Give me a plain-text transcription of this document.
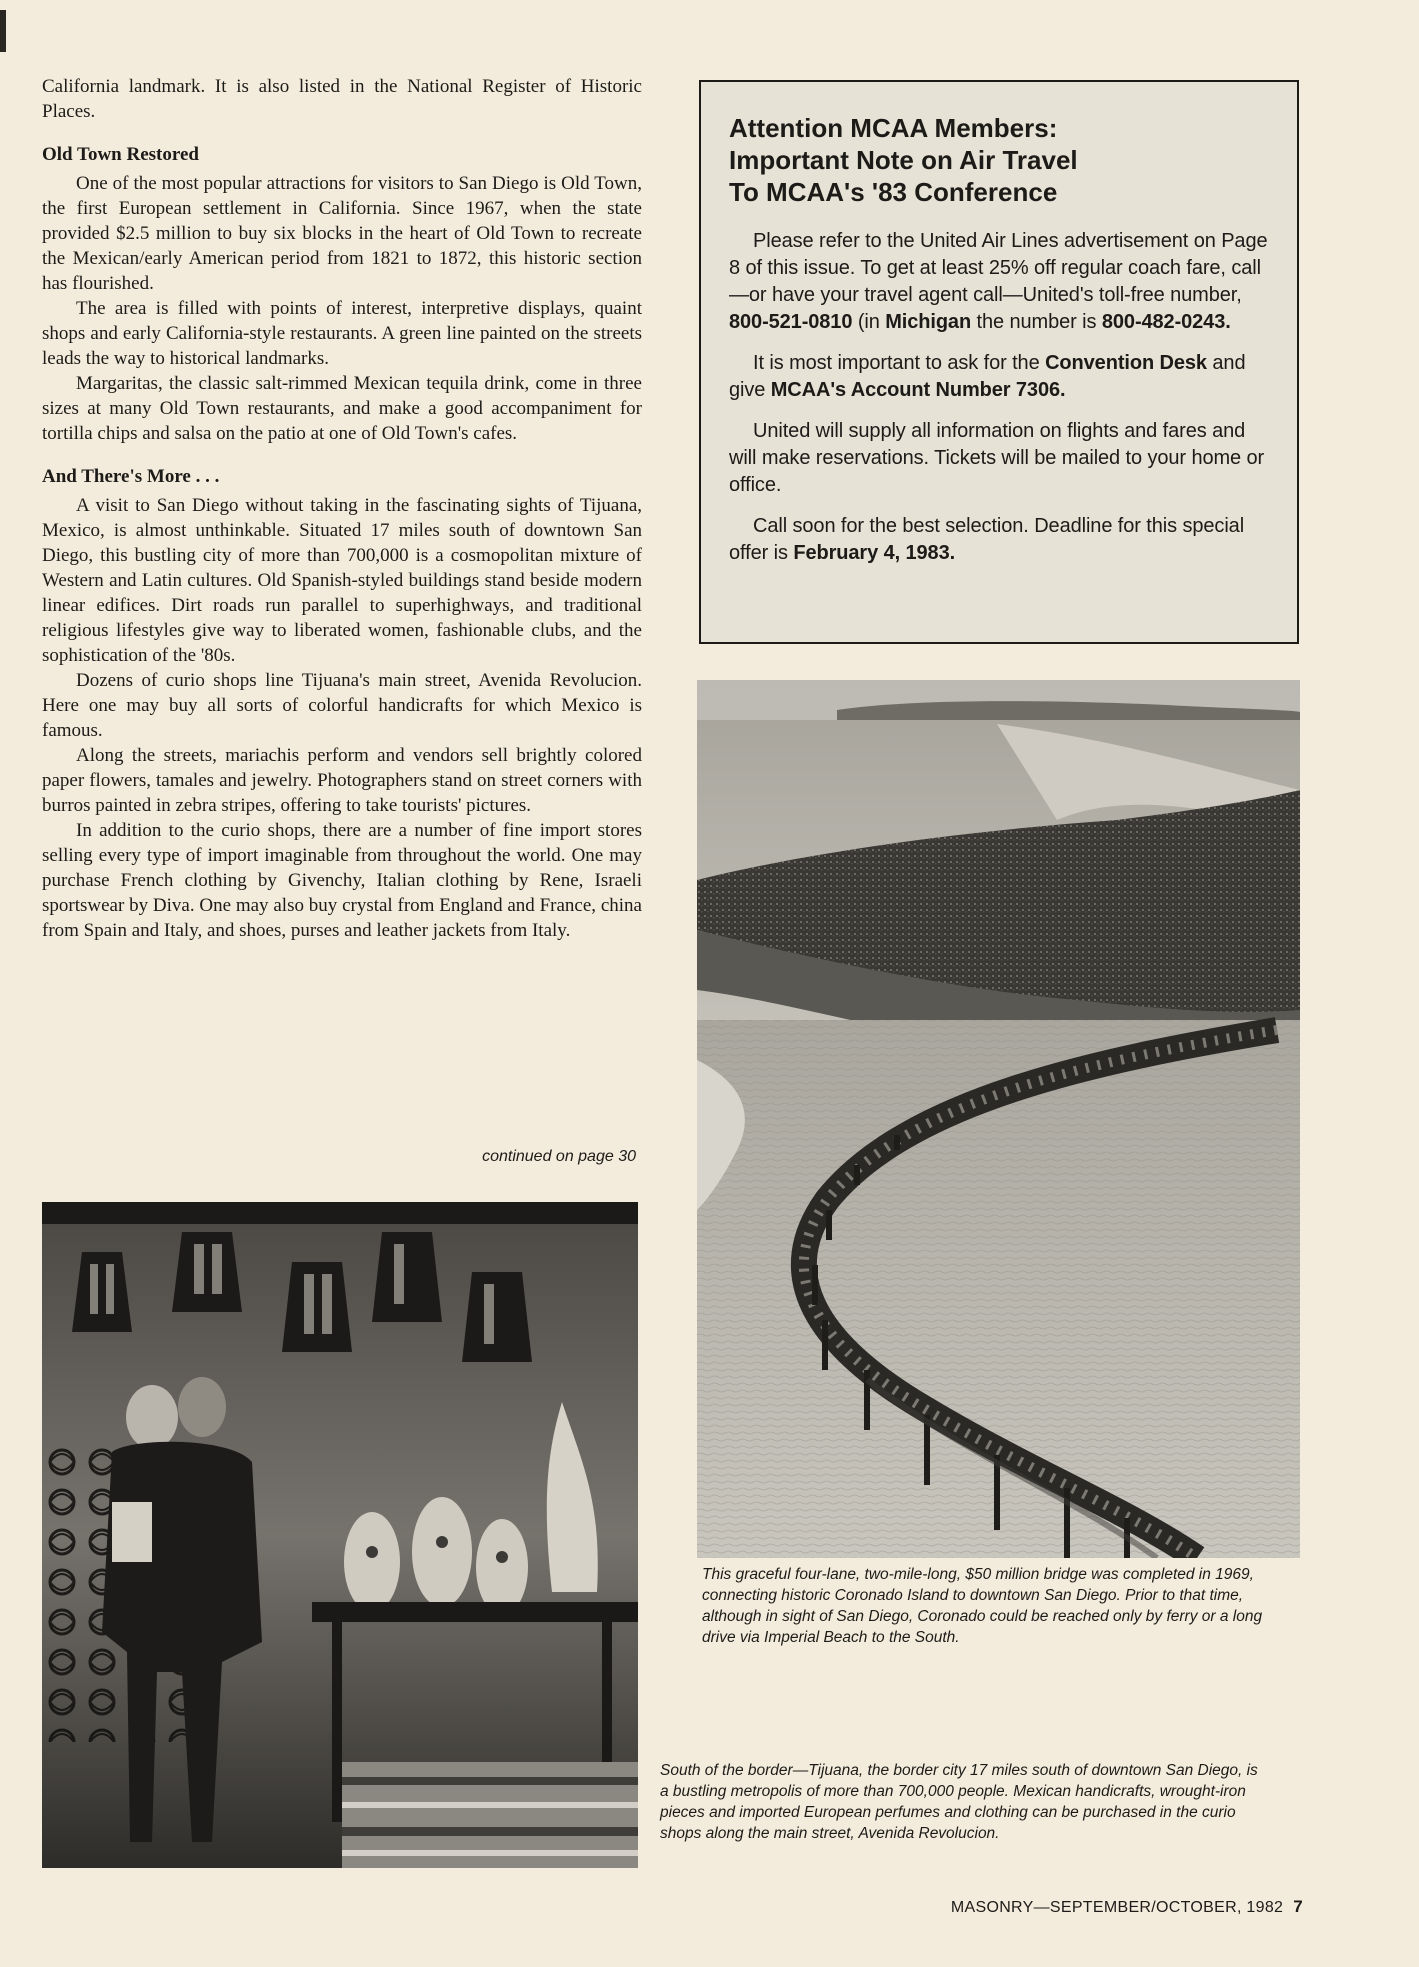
California landmark. It is also listed in the National Register of Historic Places.

Old Town Restored

One of the most popular attractions for visitors to San Diego is Old Town, the first European settlement in California. Since 1967, when the state provided $2.5 million to buy six blocks in the heart of Old Town to recreate the Mexican/early American period from 1821 to 1872, this historic section has flourished.

The area is filled with points of interest, interpretive displays, quaint shops and early California-style restaurants. A green line painted on the streets leads the way to historical landmarks.

Margaritas, the classic salt-rimmed Mexican tequila drink, come in three sizes at many Old Town restaurants, and make a good accompaniment for tortilla chips and salsa on the patio at one of Old Town's cafes.

And There's More . . .

A visit to San Diego without taking in the fascinating sights of Tijuana, Mexico, is almost unthinkable. Situated 17 miles south of downtown San Diego, this bustling city of more than 700,000 is a cosmopolitan mixture of Western and Latin cultures. Old Spanish-styled buildings stand beside modern linear edifices. Dirt roads run parallel to superhighways, and traditional religious lifestyles give way to liberated women, fashionable clubs, and the sophistication of the '80s.

Dozens of curio shops line Tijuana's main street, Avenida Revolucion. Here one may buy all sorts of colorful handicrafts for which Mexico is famous.

Along the streets, mariachis perform and vendors sell brightly colored paper flowers, tamales and jewelry. Photographers stand on street corners with burros painted in zebra stripes, offering to take tourists' pictures.

In addition to the curio shops, there are a number of fine import stores selling every type of import imaginable from throughout the world. One may purchase French clothing by Givenchy, Italian clothing by Rene, Israeli sportswear by Diva. One may also buy crystal from England and France, china from Spain and Italy, and shoes, purses and leather jackets from Italy.

continued on page 30
Attention MCAA Members:
Important Note on Air Travel
To MCAA's '83 Conference

Please refer to the United Air Lines advertisement on Page 8 of this issue. To get at least 25% off regular coach fare, call—or have your travel agent call—United's toll-free number, 800-521-0810 (in Michigan the number is 800-482-0243.

It is most important to ask for the Convention Desk and give MCAA's Account Number 7306.

United will supply all information on flights and fares and will make reservations. Tickets will be mailed to your home or office.

Call soon for the best selection. Deadline for this special offer is February 4, 1983.

This graceful four-lane, two-mile-long, $50 million bridge was completed in 1969, connecting historic Coronado Island to downtown San Diego. Prior to that time, although in sight of San Diego, Coronado could be reached only by ferry or a long drive via Imperial Beach to the South.
South of the border—Tijuana, the border city 17 miles south of downtown San Diego, is a bustling metropolis of more than 700,000 people. Mexican handicrafts, wrought-iron pieces and imported European perfumes and clothing can be purchased in the curio shops along the main street, Avenida Revolucion.
MASONRY—SEPTEMBER/OCTOBER, 1982 7
